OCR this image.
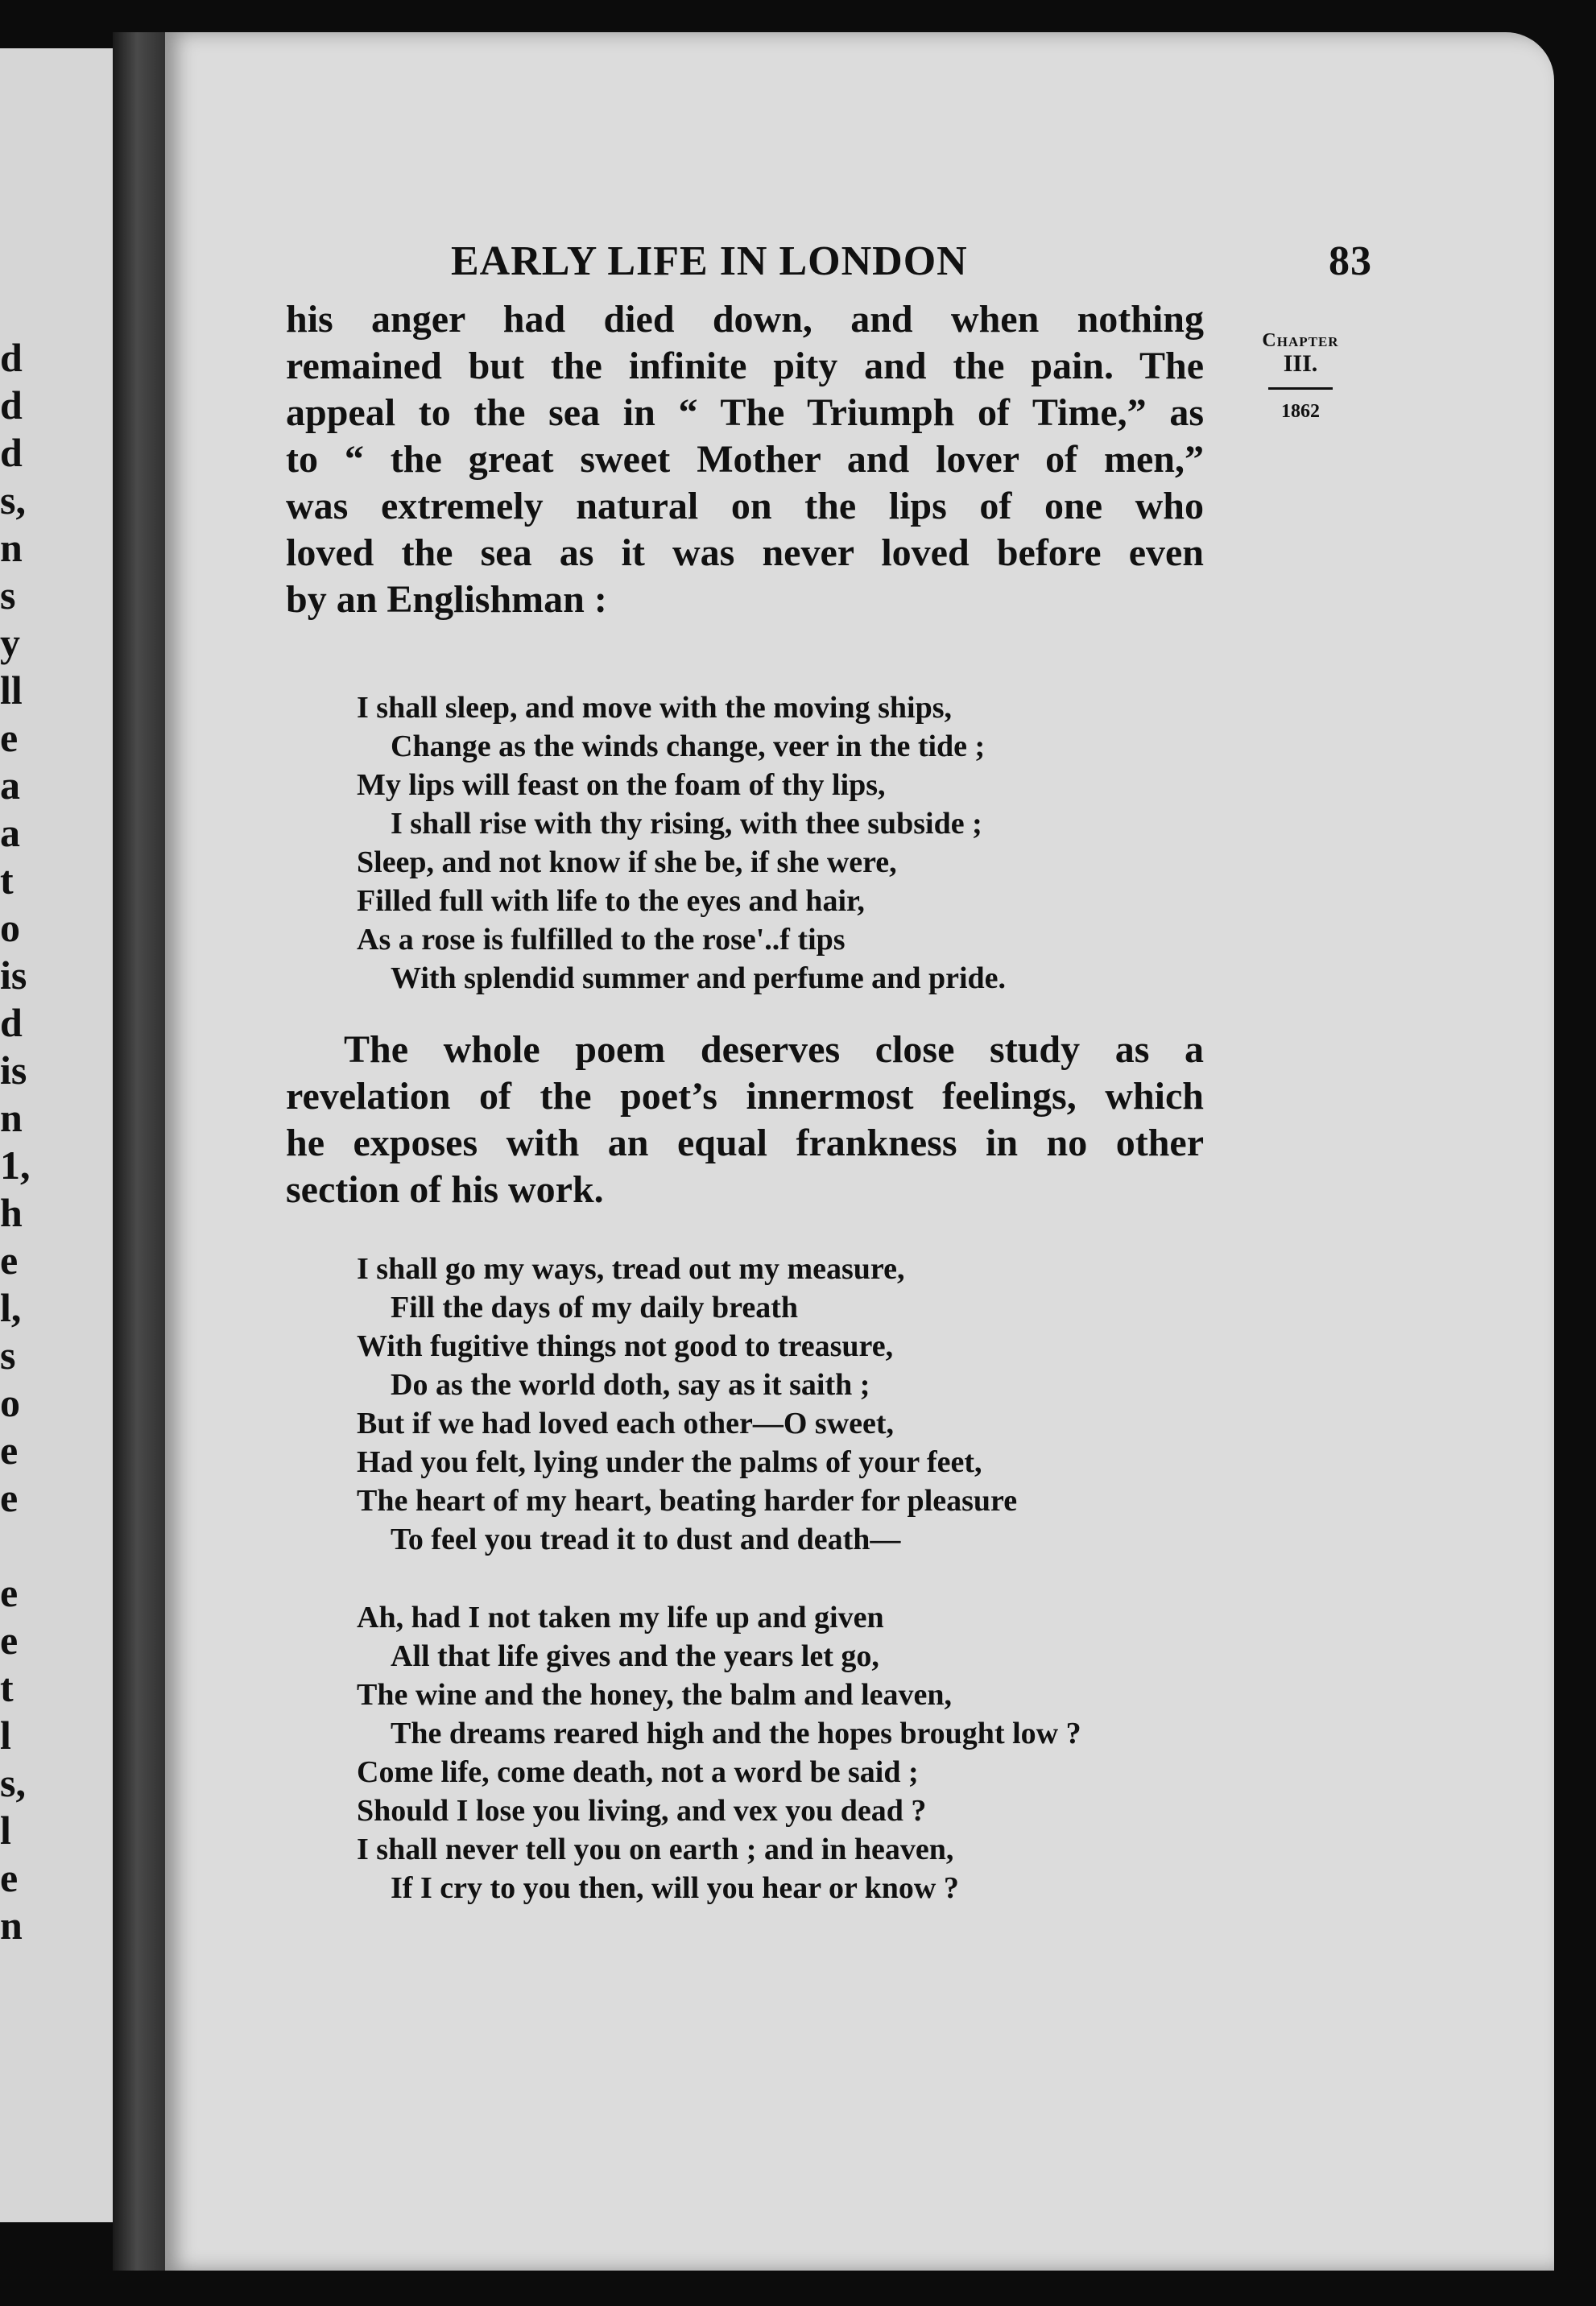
d
d
d
s,
n
s
y
ll
e
a
a
t
o
is
d
is
n
1,
h
e
l,
s
o
e
e
e
e
t
l
s,
l
e
n
EARLY LIFE IN LONDON	83
Chapter
III.
1862
his anger had died down, and when nothing
remained but the infinite pity and the pain. The
appeal to the sea in “ The Triumph of Time,” as
to “ the great sweet Mother and lover of men,”
was extremely natural on the lips of one who
loved the sea as it was never loved before even
by an Englishman :
I shall sleep, and move with the moving ships,
Change as the winds change, veer in the tide ;
My lips will feast on the foam of thy lips,
I shall rise with thy rising, with thee subside ;
Sleep, and not know if she be, if she were,
Filled full with life to the eyes and hair,
As a rose is fulfilled to the rose'..f tips
With splendid summer and perfume and pride.
The whole poem deserves close study as a
revelation of the poet’s innermost feelings, which
he exposes with an equal frankness in no other
section of his work.
I shall go my ways, tread out my measure,
Fill the days of my daily breath
With fugitive things not good to treasure,
Do as the world doth, say as it saith ;
But if we had loved each other—O sweet,
Had you felt, lying under the palms of your feet,
The heart of my heart, beating harder for pleasure
To feel you tread it to dust and death—
Ah, had I not taken my life up and given
All that life gives and the years let go,
The wine and the honey, the balm and leaven,
The dreams reared high and the hopes brought low ?
Come life, come death, not a word be said ;
Should I lose you living, and vex you dead ?
I shall never tell you on earth ; and in heaven,
If I cry to you then, will you hear or know ?
